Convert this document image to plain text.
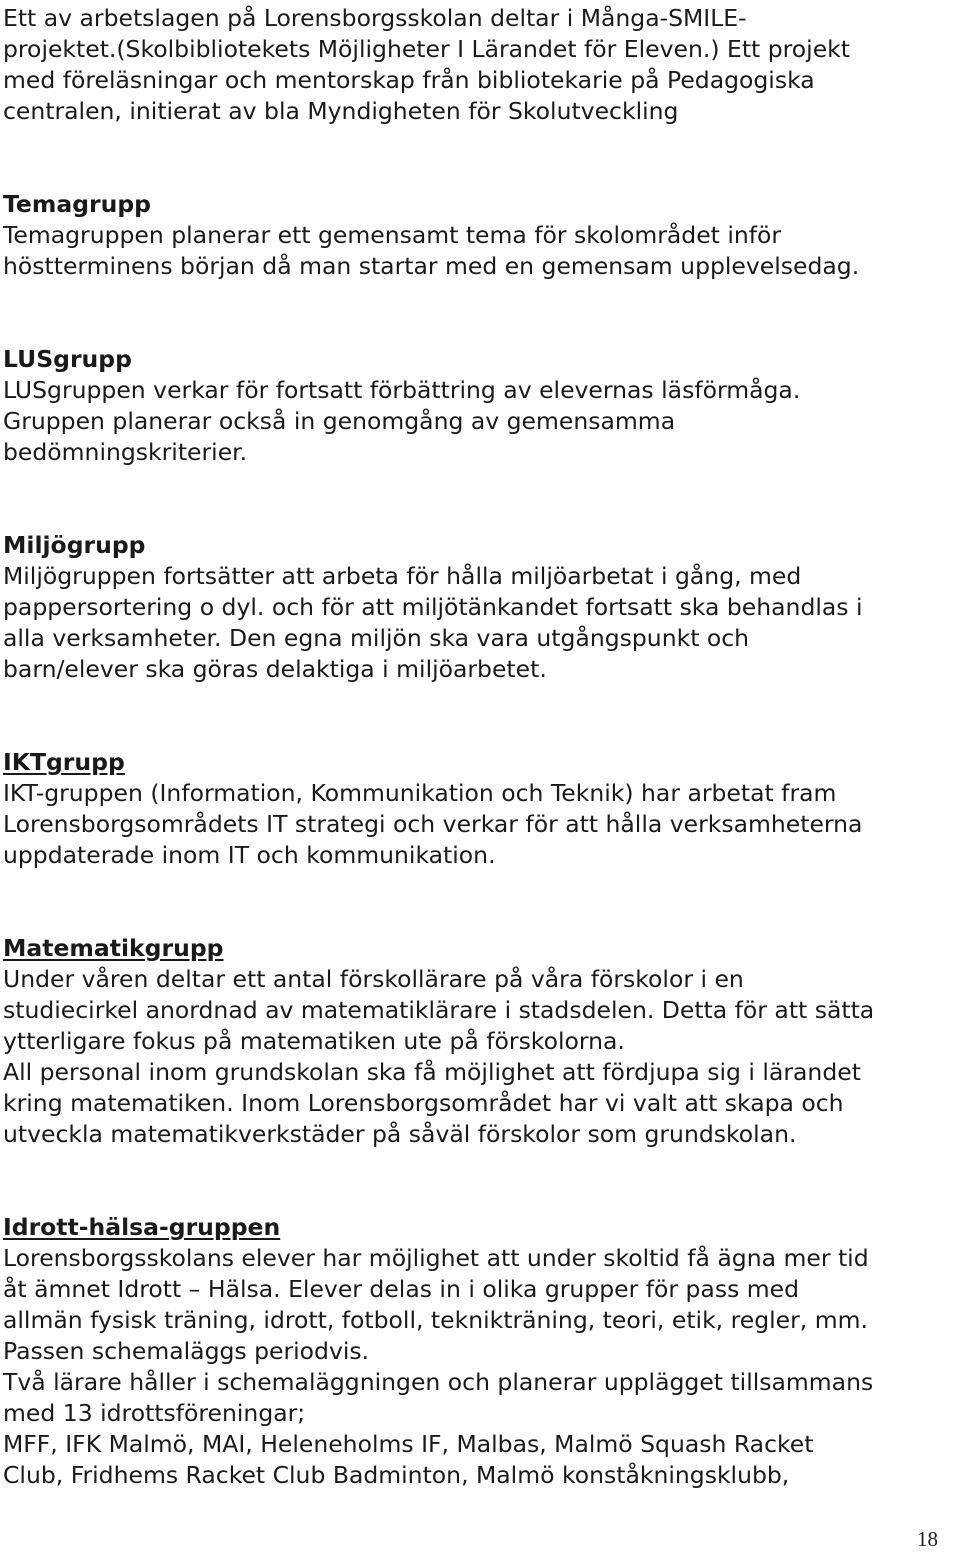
Ett av arbetslagen på Lorensborgsskolan deltar i Många-SMILE-
projektet.(Skolbibliotekets Möjligheter I Lärandet för Eleven.) Ett projekt
med föreläsningar och mentorskap från bibliotekarie på Pedagogiska
centralen, initierat av bla Myndigheten för Skolutveckling

Temagrupp

Temagruppen planerar ett gemensamt tema för skolområdet inför
höstterminens början då man startar med en gemensam upplevelsedag.

LUSgrupp

LUSgruppen verkar för fortsatt förbättring av elevernas läsförmåga.
Gruppen planerar också in genomgång av gemensamma
bedömningskriterier.

Miljögrupp

Miljögruppen fortsätter att arbeta för hålla miljöarbetat i gång, med
pappersortering o dyl. och för att miljötänkandet fortsatt ska behandlas i
alla verksamheter. Den egna miljön ska vara utgångspunkt och
barn/elever ska göras delaktiga i miljöarbetet.

IKTgrupp

IKT-gruppen (Information, Kommunikation och Teknik) har arbetat fram
Lorensborgsområdets IT strategi och verkar för att hålla verksamheterna
uppdaterade inom IT och kommunikation.

Matematikgrupp

Under våren deltar ett antal förskollärare på våra förskolor i en
studiecirkel anordnad av matematiklärare i stadsdelen. Detta för att sätta
ytterligare fokus på matematiken ute på förskolorna.
All personal inom grundskolan ska få möjlighet att fördjupa sig i lärandet
kring matematiken. Inom Lorensborgsområdet har vi valt att skapa och
utveckla matematikverkstäder på såväl förskolor som grundskolan.

Idrott-hälsa-gruppen

Lorensborgsskolans elever har möjlighet att under skoltid få ägna mer tid
åt ämnet Idrott – Hälsa. Elever delas in i olika grupper för pass med
allmän fysisk träning, idrott, fotboll, teknikträning, teori, etik, regler, mm.
Passen schemaläggs periodvis.
Två lärare håller i schemaläggningen och planerar upplägget tillsammans
med 13 idrottsföreningar;
MFF, IFK Malmö, MAI, Heleneholms IF, Malbas, Malmö Squash Racket
Club, Fridhems Racket Club Badminton, Malmö konståkningsklubb,

18
